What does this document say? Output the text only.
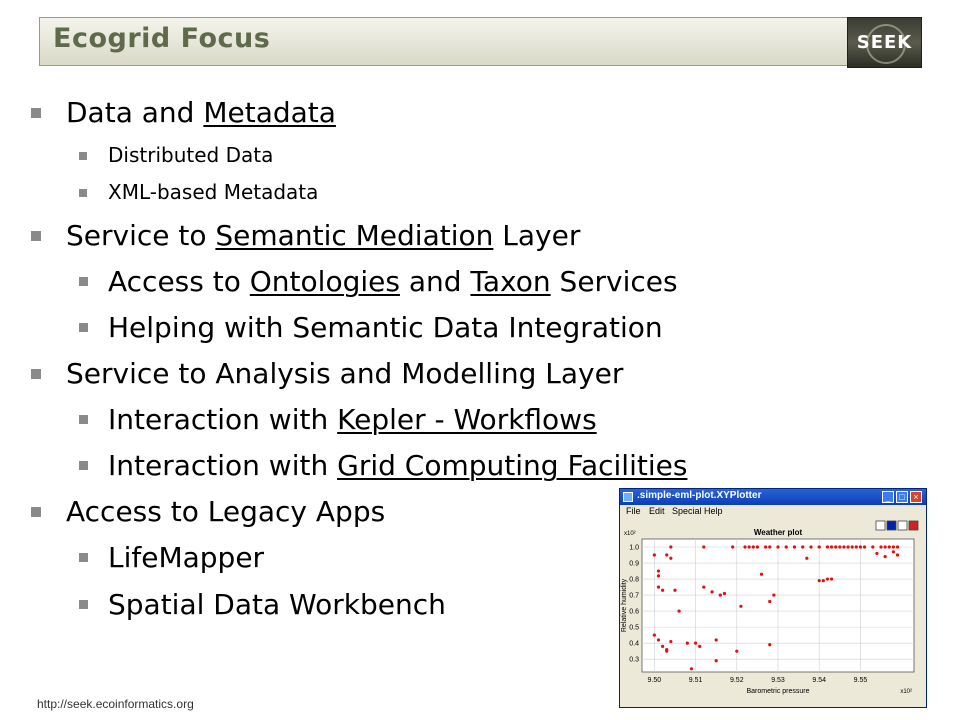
Ecogrid Focus	SEEK
Data and Metadata
Distributed Data
XML-based Metadata
Service to Semantic Mediation Layer
Access to Ontologies and Taxon Services
Helping with Semantic Data Integration
Service to Analysis and Modelling Layer
Interaction with Kepler - Workflows
Interaction with Grid Computing Facilities
Access to Legacy Apps
LifeMapper
Spatial Data Workbench
http://seek.ecoinformatics.org
.simple-eml-plot.XYPlotter	_ □ ×
File Edit Special Help
9.50	9.51	9.52	9.53	9.54	9.55
1.0
0.9
0.8
0.7
0.6
0.5
0.4
0.3
Weather plot
Barometric pressure	x10²
x10²
Relative humidity
